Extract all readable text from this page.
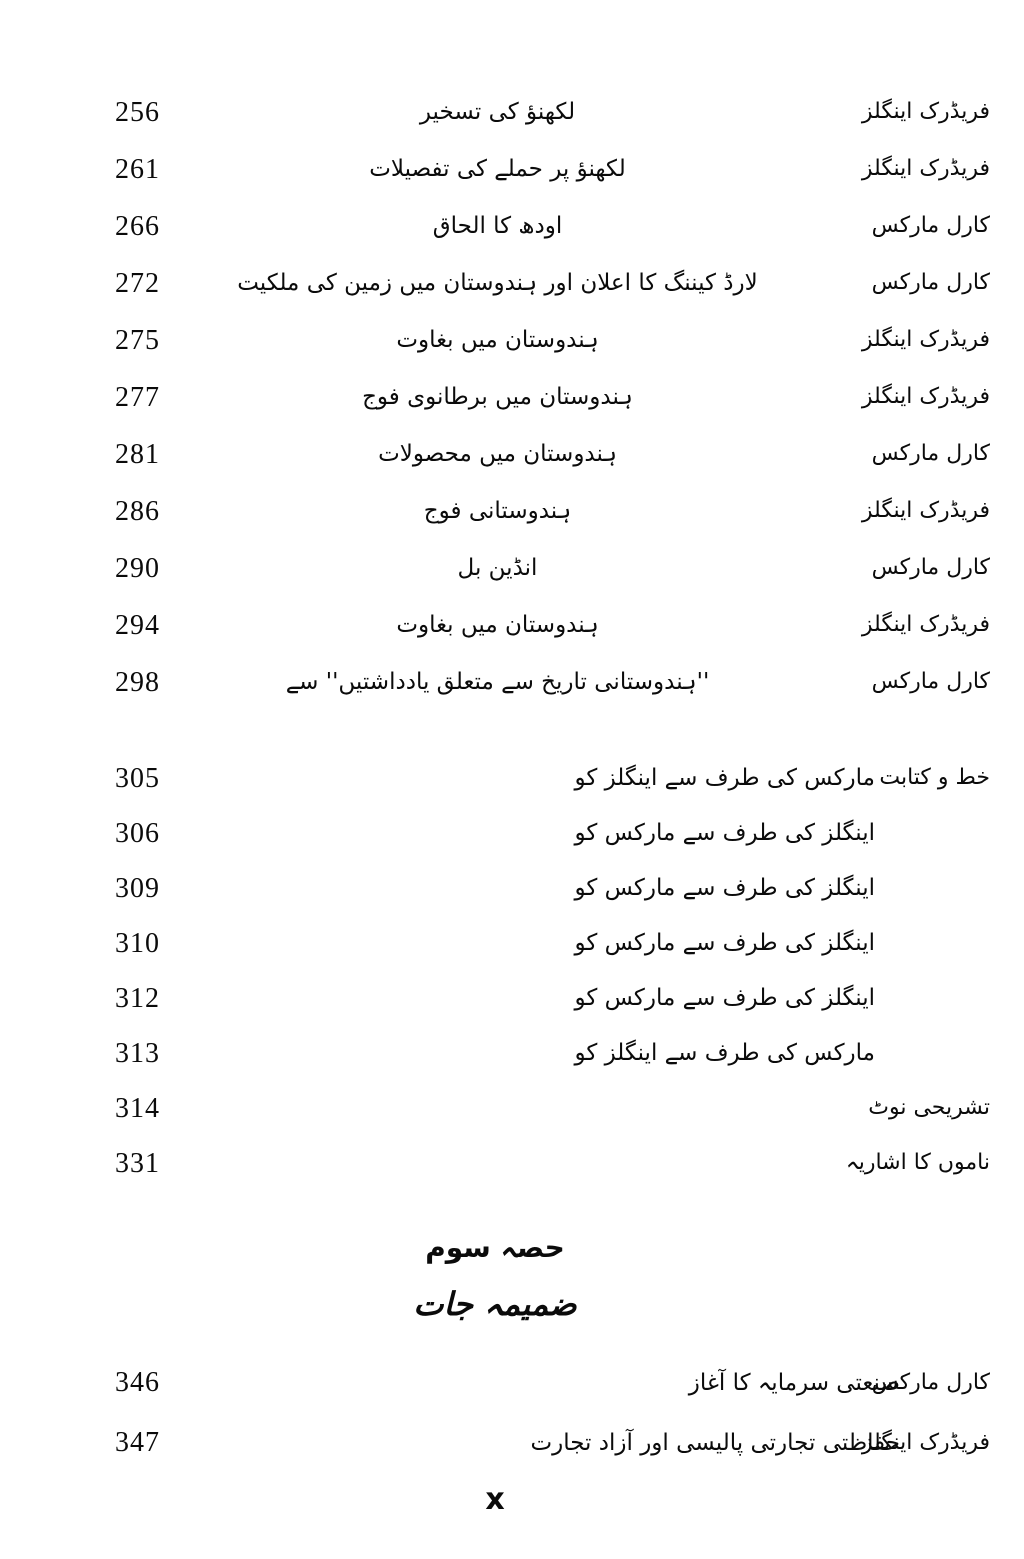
فریڈرک اینگلز
لکھنؤ کی تسخیر
256
فریڈرک اینگلز
لکھنؤ پر حملے کی تفصیلات
261
کارل مارکس
اودھ کا الحاق
266
کارل مارکس
لارڈ کیننگ کا اعلان اور ہندوستان میں زمین کی ملکیت
272
فریڈرک اینگلز
ہندوستان میں بغاوت
275
فریڈرک اینگلز
ہندوستان میں برطانوی فوج
277
کارل مارکس
ہندوستان میں محصولات
281
فریڈرک اینگلز
ہندوستانی فوج
286
کارل مارکس
انڈین بل
290
فریڈرک اینگلز
ہندوستان میں بغاوت
294
کارل مارکس
''ہندوستانی تاریخ سے متعلق یادداشتیں'' سے
298
خط و کتابت
مارکس کی طرف سے اینگلز کو
305
اینگلز کی طرف سے مارکس کو
306
اینگلز کی طرف سے مارکس کو
309
اینگلز کی طرف سے مارکس کو
310
اینگلز کی طرف سے مارکس کو
312
مارکس کی طرف سے اینگلز کو
313
تشریحی نوٹ
314
ناموں کا اشاریہ
331
حصہ سوم
ضمیمہ جات
کارل مارکس
صنعتی سرمایہ کا آغاز
346
فریڈرک اینگلز
حفاظتی تجارتی پالیسی اور آزاد تجارت
347
x
